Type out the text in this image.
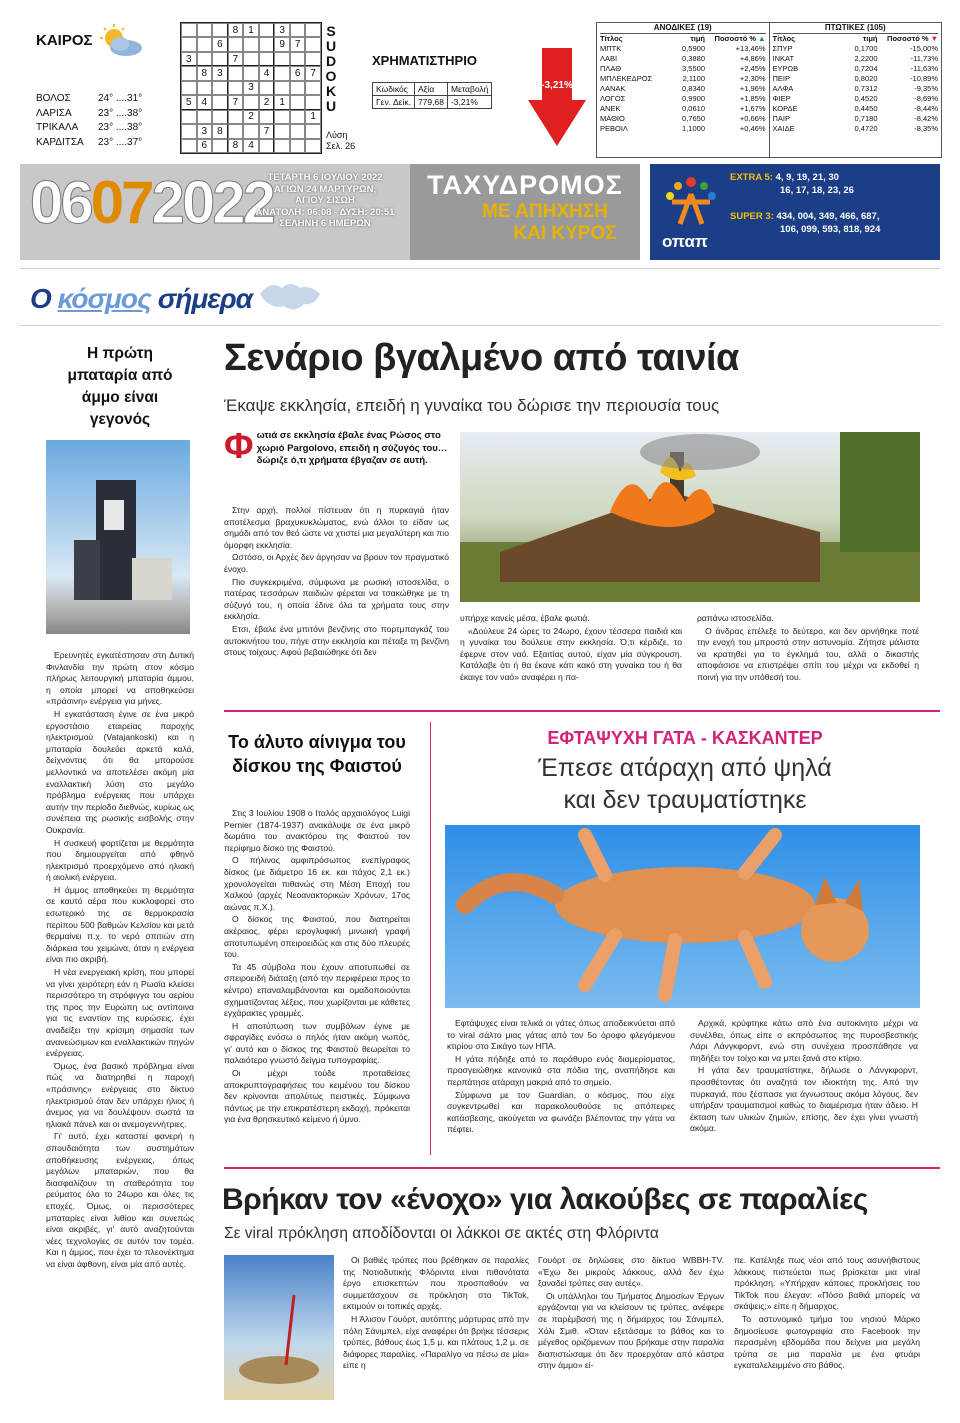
ΚΑΙΡΟΣ
ΒΟΛΟΣ	24° ....31°
ΛΑΡΙΣΑ	23° ....38°
ΤΡΙΚΑΛΑ	23° ....38°
ΚΑΡΔΙΤΣΑ	23° ....37°
8 1	3
6	9	7
3	7
8 3	4	6 7
3
5	4	7	2 1
2	1
3 8	7
6	8 4
S
U
D
O
K
U
Λύση
Σελ. 26
ΧΡΗΜΑΤΙΣΤΗΡΙΟ
Κωδικός	Αξία	Μεταβολή
Γεν. Δείκ.	779,68	-3,21%
-3,21%
ΑΝΟΔΙΚΕΣ (19)
Τίτλος	τιμή	Ποσοστό % ▲
ΜΠΤΚ	0,5900	+13,46%
ΛΑΒΙ	0,3880	+4,86%
ΠΛΑΘ	3,5500	+2,45%
ΜΠΛΕΚΕΔΡΟΣ	2,1100	+2,30%
ΛΑΝΑΚ	0,8340	+1,96%
ΛΟΓΟΣ	0,9900	+1,85%
ΑΝΕΚ	0,0610	+1,67%
ΜΑΘΙΟ	0,7650	+0,66%
ΡΕΒΟΙΛ	1,1000	+0,46%
ΠΤΩΤΙΚΕΣ (105)
Τίτλος	τιμή	Ποσοστό % ▼
ΣΠΥΡ	0,1700	-15,00%
ΙΝΚΑΤ	2,2200	-11,73%
ΕΥΡΩΒ	0,7204	-11,63%
ΠΕΙΡ	0,8020	-10,89%
ΑΛΦΑ	0,7312	-9,35%
ΦΙΕΡ	0,4520	-8,69%
ΚΟΡΔΕ	0,4450	-8,44%
ΠΑΙΡ	0,7180	-8,42%
ΧΑΙΔΕ	0,4720	-8,35%
06072022
ΤΕΤΑΡΤΗ 6 ΙΟΥΛΙΟΥ 2022
ΑΓΙΩΝ 24 ΜΑΡΤΥΡΩΝ,
ΑΓΙΟΥ ΣΙΣΩΗ
ΑΝΑΤΟΛΗ: 06:08 - ΔΥΣΗ: 20:51
ΣΕΛΗΝΗ 6 ΗΜΕΡΩΝ
ΤΑΧΥΔΡΟΜΟΣ
ΜΕ ΑΠΗΧΗΣΗ
ΚΑΙ ΚΥΡΟΣ	οπαπ
EXTRA 5: 4, 9, 19, 21, 30
16, 17, 18, 23, 26
SUPER 3: 434, 004, 349, 466, 687,
106, 099, 593, 818, 924
Ο κόσμος σήμερα
Η πρώτη μπαταρία από άμμο είναι γεγονός

Ερευνητές εγκατέστησαν στη Δυτική Φινλανδία την πρώτη στον κόσμο πλήρως λειτουργική μπαταρία άμμου, η οποία μπορεί να αποθηκεύσει «πράσινη» ενέργεια για μήνες.

Η εγκατάσταση έγινε σε ένα μικρό εργοστάσιο εταιρείας παροχής ηλεκτρισμού (Vatajankoski) και η μπαταρία δουλεύει αρκετά καλά, δείχνοντας ότι θα μπορούσε μελλοντικά να αποτελέσει ακόμη μία εναλλακτική λύση στο μεγάλο πρόβλημα ενέργειας που υπάρχει αυτήν την περίοδο διεθνώς, κυρίως ως συνέπεια της ρωσικής εισβολής στην Ουκρανία.

Η συσκευή φορτίζεται με θερμότητα που δημιουργείται από φθηνό ηλεκτρισμό προερχόμενο από ηλιακή ή αιολική ενέργεια.

Η άμμος αποθηκεύει τη θερμότητα σε καυτό αέρα που κυκλοφορεί στο εσωτερικό της σε θερμοκρασία περίπου 500 βαθμών Κελσίου και μετά θερμαίνει π.χ. το νερό σπιτιών στη διάρκεια του χειμώνα, όταν η ενέργεια είναι πιο ακριβή.

Η νέα ενεργειακή κρίση, που μπορεί να γίνει χειρότερη εάν η Ρωσία κλείσει περισσότερο τη στρόφιγγα του αερίου της προς την Ευρώπη ως αντίποινα για τις εναντίον της κυρώσεις, έχει αναδείξει την κρίσιμη σημασία των ανανεώσιμων και εναλλακτικών πηγών ενέργειας.

Όμως, ένα βασικό πρόβλημα είναι πώς να διατηρηθεί η παροχή «πράσινης» ενέργειας στο δίκτυο ηλεκτρισμού όταν δεν υπάρχει ήλιος ή άνεμος για να δουλέψουν σωστά τα ηλιακά πάνελ και οι ανεμογεννήτριες.

Γι' αυτό, έχει καταστεί φανερή η σπουδαιότητα των συστημάτων αποθήκευσης ενέργειας, όπως μεγάλων μπαταριών, που θα διασφαλίζουν τη σταθερότητα του ρεύματος όλο το 24ωρο και όλες τις εποχές. Όμως, οι περισσότερες μπαταρίες είναι λιθίου και συνεπώς είναι ακριβές, γι' αυτό αναζητούνται νέες τεχνολογίες σε αυτόν τον τομέα. Και η άμμος, που έχει το πλεονέκτημα να είναι άφθονη, είναι μία από αυτές.

Σενάριο βγαλμένο από ταινία
Έκαψε εκκλησία, επειδή η γυναίκα του δώρισε την περιουσία τους
Φωτιά σε εκκλησία έβαλε ένας Ρώσος στο χωριό Pargolovo, επειδή η σύζυγός του… δώριζε ό,τι χρήματα έβγαζαν σε αυτή.

Στην αρχή, πολλοί πίστευαν ότι η πυρκαγιά ήταν αποτέλεσμα βραχυκυκλώματος, ενώ άλλοι το είδαν ως σημάδι από τον θεό ώστε να χτιστεί μια μεγαλύτερη και πιο όμορφη εκκλησία.

Ωστόσο, οι Αρχές δεν άργησαν να βρουν τον πραγματικό ένοχο.

Πιο συγκεκριμένα, σύμφωνα με ρωσική ιστοσελίδα, ο πατέρας τεσσάρων παιδιών φέρεται να τσακώθηκε με τη σύζυγό του, η οποία έδινε όλα τα χρήματα τους στην εκκλησία.

Ετσι, έβαλε ένα μπιτόνι βενζίνης στο πορτμπαγκάζ του αυτοκινήτου του, πήγε στην εκκλησία και πέταξε τη βενζίνη στους τοίχους. Αφού βεβαιώθηκε ότι δεν

υπήρχε κανείς μέσα, έβαλε φωτιά.

«Δούλευε 24 ώρες το 24ωρο, έχουν τέσσερα παιδιά και η γυναίκα του δούλευε στην εκκλησία. Ό,τι κέρδιζε, το έφερνε στον ναό. Εξαιτίας αυτού, είχαν μία σύγκρουση. Κατάλαβε ότι ή θα έκανε κάτι κακό στη γυναίκα του ή θα έκαιγε τον ναό» αναφέρει η πα-

ραπάνω ιστοσελίδα.

Ο άνδρας επέλεξε το δεύτερο, και δεν αρνήθηκε ποτέ την ενοχή του μπροστά στην αστυνομία. Ζήτησε μάλιστα να κρατηθεί για το έγκλημά του, αλλά ο δικαστής αποφάσισε να επιστρέψει σπίτι του μέχρι να εκδοθεί η ποινή για την υπόθεσή του.

Το άλυτο αίνιγμα του δίσκου της Φαιστού

Στις 3 Ιουλίου 1908 ο Ιταλός αρχαιολόγος Luigi Pernier (1874-1937) ανακάλυψε σε ένα μικρό δωμάτιο του ανακτόρου της Φαιστού τον περίφημο δίσκο της Φαιστού.

Ο πήλινος αμφιπρόσωπος ενεπίγραφος δίσκος (με διάμετρο 16 εκ. και πάχος 2,1 εκ.) χρονολογείται πιθανώς στη Μέση Εποχή του Χαλκού (αρχές Νεοανακτορικών Χρόνων, 17ος αιώνας π.Χ.).

Ο δίσκος της Φαιστού, που διατηρείται ακέραιος, φέρει ιερογλυφική μινωική γραφή αποτυπωμένη σπειροειδώς και στις δύο πλευρές του.

Τα 45 σύμβολα που έχουν αποτυπωθεί σε σπειροειδή διάταξη (από την περιφέρεια προς το κέντρο) επαναλαμβάνονται και ομαδοποιούνται σχηματίζοντας λέξεις, που χωρίζονται με κάθετες εγχάρακτες γραμμές.

Η αποτύπωση των συμβόλων έγινε με σφραγίδες ενόσω ο πηλός ήταν ακόμη νωπός, γι' αυτό και ο δίσκος της Φαιστού θεωρείται το παλαιότερο γνωστό δείγμα τυπογραφίας.

Οι μέχρι τούδε προταθείσες αποκρυπτογραφήσεις του κειμένου του δίσκου δεν κρίνονται απολύτως πειστικές. Σύμφωνα πάντως με την επικρατέστερη εκδοχή, πρόκειται για ένα θρησκευτικό κείμενο ή ύμνο.

ΕΦΤΑΨΥΧΗ ΓΑΤΑ - ΚΑΣΚΑΝΤΕΡ
Έπεσε ατάραχη από ψηλά
και δεν τραυματίστηκε

Εφτάψυχες είναι τελικά οι γάτες όπως αποδεικνύεται από το viral σάλτο μιας γάτας από τον 5ο όροφο φλεγόμενου κτιρίου στο Σικάγο των ΗΠΑ.

Η γάτα πήδηξε από το παράθυρο ενός διαμερίσματος, προσγειώθηκε κανονικά στα πόδια της, αναπήδησε και περπάτησε ατάραχη μακριά από το σημείο.

Σύμφωνα με τον Guardian, ο κόσμος, που είχε συγκεντρωθεί και παρακολουθούσε τις απόπειρες κατάσβεσης, ακούγεται να φωνάζει βλέποντας την γάτα να πέφτει.

Αρχικά, κρύφτηκε κάτω από ένα αυτοκίνητο μέχρι να συνέλθει, όπως είπε ο εκπρόσωπος της πυροσβεστικής Λάρι Λάνγκφορντ, ενώ στη συνέχεια προσπάθησε να πηδήξει τον τοίχο και να μπει ξανά στο κτίριο.

Η γάτα δεν τραυματίστηκε, δήλωσε ο Λάνγκφορντ, προσθέτοντας ότι αναζητά τον ιδιοκτήτη της. Από την πυρκαγιά, που ξέσπασε για άγνωστους ακόμα λόγους, δεν υπήρξαν τραυματισμοί καθώς το διαμέρισμα ήταν άδειο. Η έκταση των υλικών ζημιών, επίσης, δεν έχει γίνει γνωστή ακόμα.

Βρήκαν τον «ένοχο» για λακούβες σε παραλίες
Σε viral πρόκληση αποδίδονται οι λάκκοι σε ακτές στη Φλόριντα

Οι βαθιές τρύπες που βρέθηκαν σε παραλίες της Νοτιοδυτικής Φλόριντα είναι πιθανότατα έργο επισκεπτών που προσπαθούν να συμμετάσχουν σε πρόκληση στο TikTok, εκτιμούν οι τοπικές αρχές.

Η Άλισον Γουόρτ, αυτόπτης μάρτυρας από την πόλη Σάνιμπελ, είχε αναφέρει ότι βρήκε τέσσερις τρύπες, βάθους έως 1,5 μ. και πλάτους 1,2 μ. σε διάφορες παραλίες. «Παραλίγο να πέσω σε μία» είπε η

Γουόρτ σε δηλώσεις στο δίκτυο WBBH-TV. «Έχω δει μικρούς λάκκους, αλλά δεν έχω ξαναδεί τρύπες σαν αυτές».

Οι υπάλληλοι του Τμήματος Δημοσίων Έργων εργάζονται για να κλείσουν τις τρύπες, ανέφερε σε παρέμβασή της η δήμαρχος του Σάνιμπελ, Χόλι Σμιθ. «Όταν εξετάσαμε το βάθος και το μέγεθος οριζόμενων που βρήκαμε στην παραλία διαπιστώσαμε ότι δεν προερχόταν από κάστρα στην άμμο» εί-

πε. Κατέληξε πως νέοι από τους ασυνήθιστους λάκκους πιστεύεται πως βρίσκεται μια viral πρόκληση. «Υπήρχαν κάποιες προκλήσεις του TikTok που έλεγαν: «Πόσο βαθιά μπορείς να σκάψεις;» είπε η δήμαρχος.

Το αστυνομικό τμήμα του νησιού Μάρκο δημοσίευσε φωτογραφία στο Facebook την περασμένη εβδομάδα που δείχνει μια μεγάλη τρύπα σε μια παραλία με ένα φτυάρι εγκαταλελειμμένο στο βάθος.
